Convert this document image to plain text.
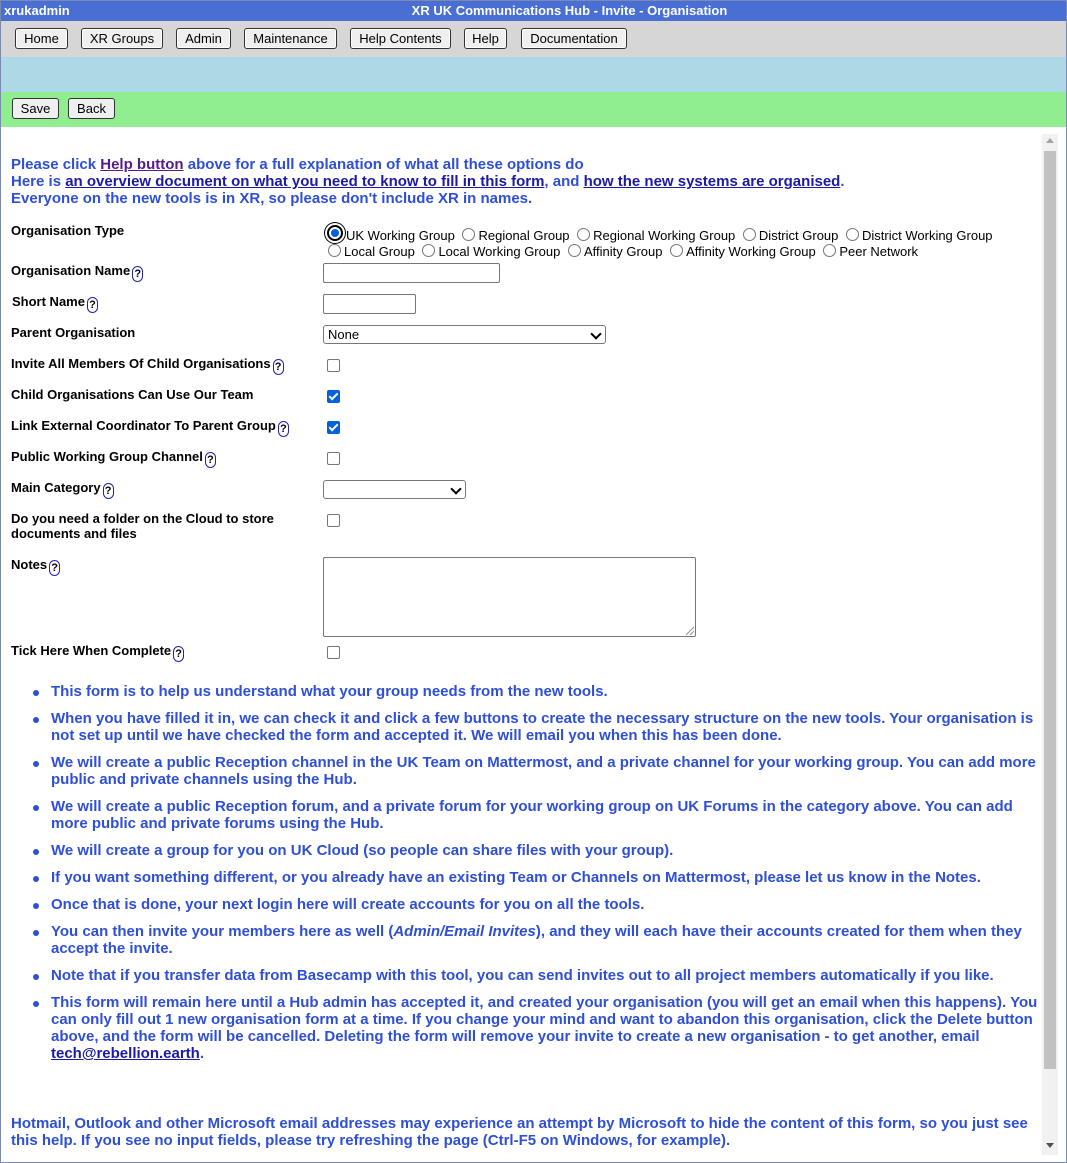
xrukadmin	XR UK Communications Hub - Invite - Organisation
Home	XR Groups	Admin	Maintenance	Help Contents	Help	Documentation
Save	Back
Please click Help button above for a full explanation of what all these options do
Here is an overview document on what you need to know to fill in this form, and how the new systems are organised.
Everyone on the new tools is in XR, so please don't include XR in names.
Organisation Type	UK Working Group Regional Group Regional Working Group District Group District Working Group
Local Group Local Working Group Affinity Group Affinity Working Group Peer Network
Organisation Name ?
Short Name ?
Parent Organisation	None
Invite All Members Of Child Organisations ?
Child Organisations Can Use Our Team
Link External Coordinator To Parent Group ?
Public Working Group Channel ?
Main Category ?
Do you need a folder on the Cloud to store
documents and files
Notes ?
Tick Here When Complete ?
This form is to help us understand what your group needs from the new tools.
When you have filled it in, we can check it and click a few buttons to create the necessary structure on the new tools. Your organisation is not set up until we have checked the form and accepted it. We will email you when this has been done.
We will create a public Reception channel in the UK Team on Mattermost, and a private channel for your working group. You can add more public and private channels using the Hub.
We will create a public Reception forum, and a private forum for your working group on UK Forums in the category above. You can add more public and private forums using the Hub.
We will create a group for you on UK Cloud (so people can share files with your group).
If you want something different, or you already have an existing Team or Channels on Mattermost, please let us know in the Notes.
Once that is done, your next login here will create accounts for you on all the tools.
You can then invite your members here as well (Admin/Email Invites), and they will each have their accounts created for them when they accept the invite.
Note that if you transfer data from Basecamp with this tool, you can send invites out to all project members automatically if you like.
This form will remain here until a Hub admin has accepted it, and created your organisation (you will get an email when this happens). You can only fill out 1 new organisation form at a time. If you change your mind and want to abandon this organisation, click the Delete button above, and the form will be cancelled. Deleting the form will remove your invite to create a new organisation - to get another, email tech@rebellion.earth.
Hotmail, Outlook and other Microsoft email addresses may experience an attempt by Microsoft to hide the content of this form, so you just see this help. If you see no input fields, please try refreshing the page (Ctrl-F5 on Windows, for example).
